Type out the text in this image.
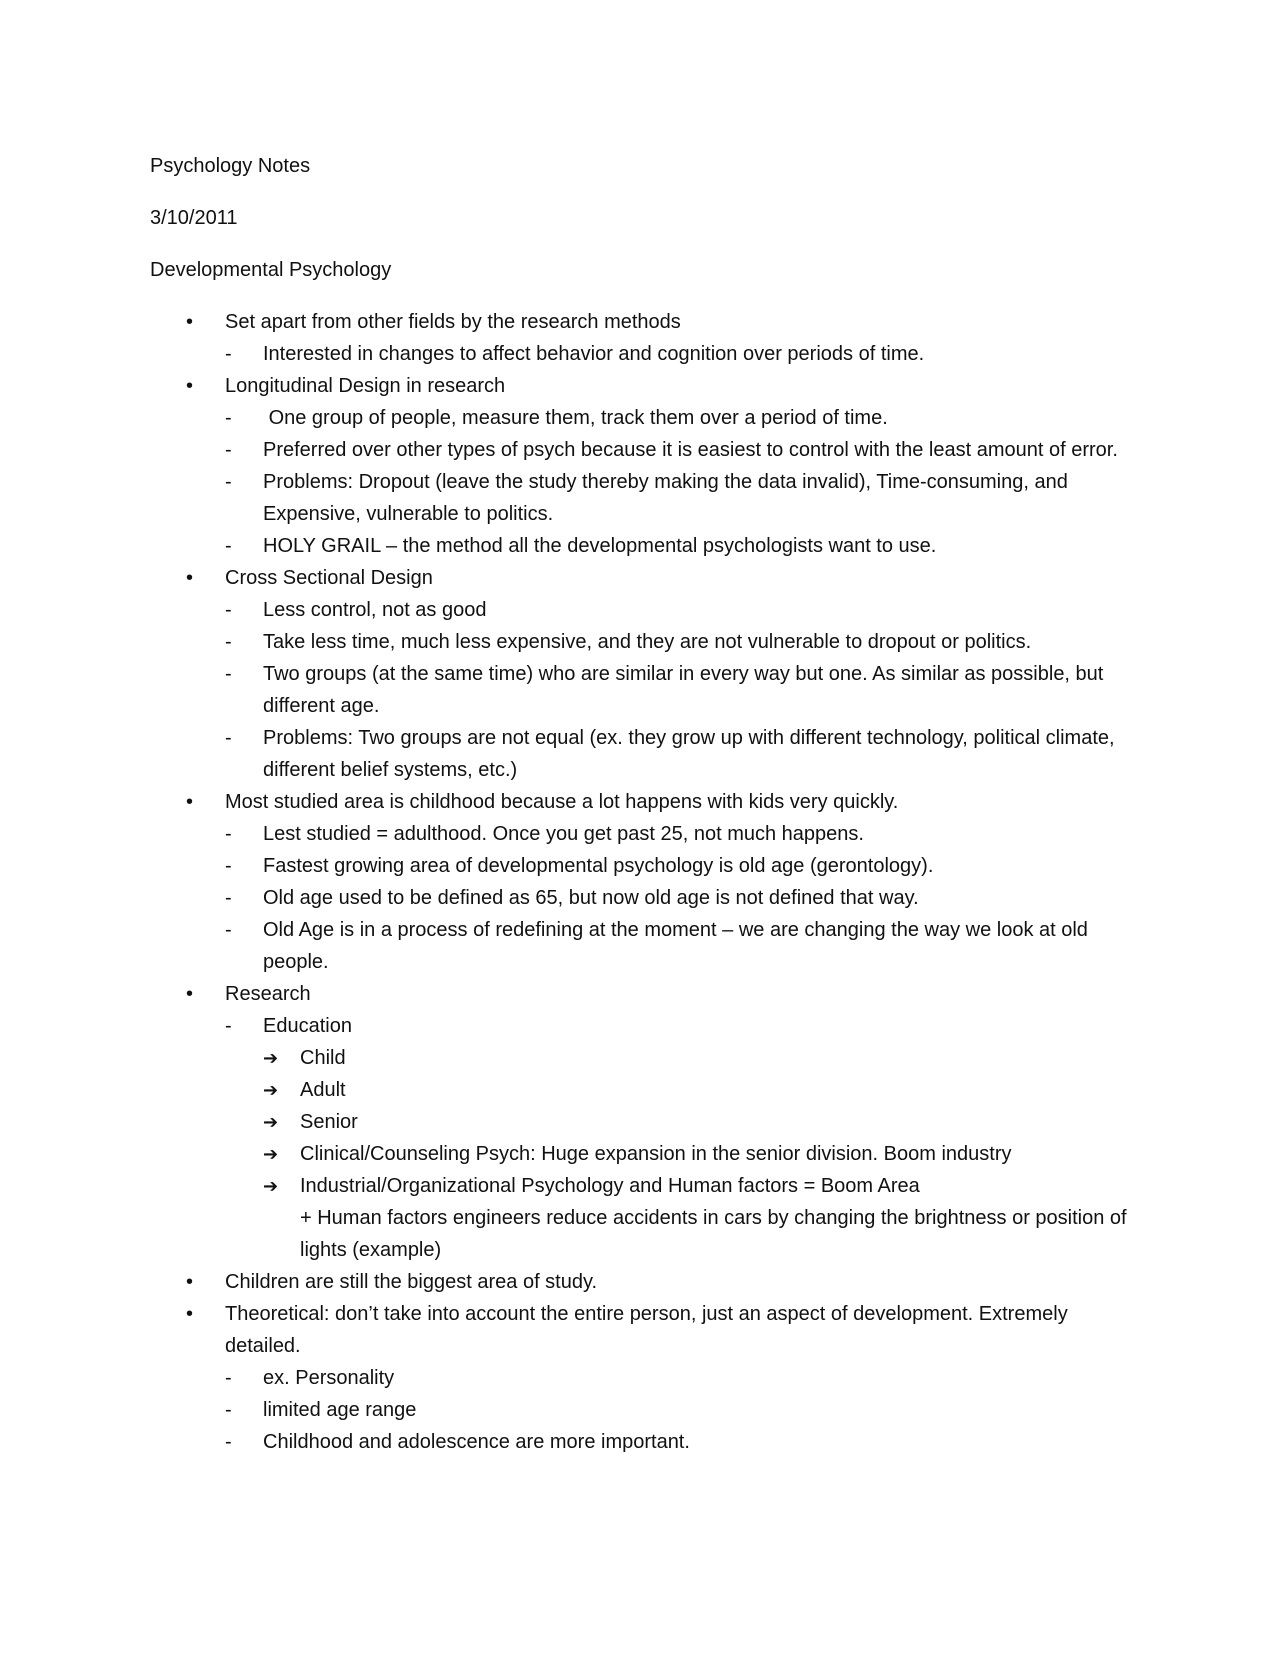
Psychology Notes

3/10/2011

Developmental Psychology

•	Set apart from other fields by the research methods
- Interested in changes to affect behavior and cognition over periods of time.
•	Longitudinal Design in research
- One group of people, measure them, track them over a period of time.
- Preferred over other types of psych because it is easiest to control with the least amount of error.
- Problems: Dropout (leave the study thereby making the data invalid), Time-consuming, and Expensive, vulnerable to politics.
- HOLY GRAIL – the method all the developmental psychologists want to use.
•	Cross Sectional Design
- Less control, not as good
- Take less time, much less expensive, and they are not vulnerable to dropout or politics.
- Two groups (at the same time) who are similar in every way but one. As similar as possible, but different age.
- Problems: Two groups are not equal (ex. they grow up with different technology, political climate, different belief systems, etc.)
•	Most studied area is childhood because a lot happens with kids very quickly.
- Lest studied = adulthood. Once you get past 25, not much happens.
- Fastest growing area of developmental psychology is old age (gerontology).
- Old age used to be defined as 65, but now old age is not defined that way.
- Old Age is in a process of redefining at the moment – we are changing the way we look at old people.
•	Research
- Education
➔ Child
➔ Adult
➔ Senior
➔ Clinical/Counseling Psych: Huge expansion in the senior division. Boom industry
➔ Industrial/Organizational Psychology and Human factors = Boom Area
+ Human factors engineers reduce accidents in cars by changing the brightness or position of lights (example)
•	Children are still the biggest area of study.
•	Theoretical: don’t take into account the entire person, just an aspect of development. Extremely detailed.
- ex. Personality
- limited age range
- Childhood and adolescence are more important.
